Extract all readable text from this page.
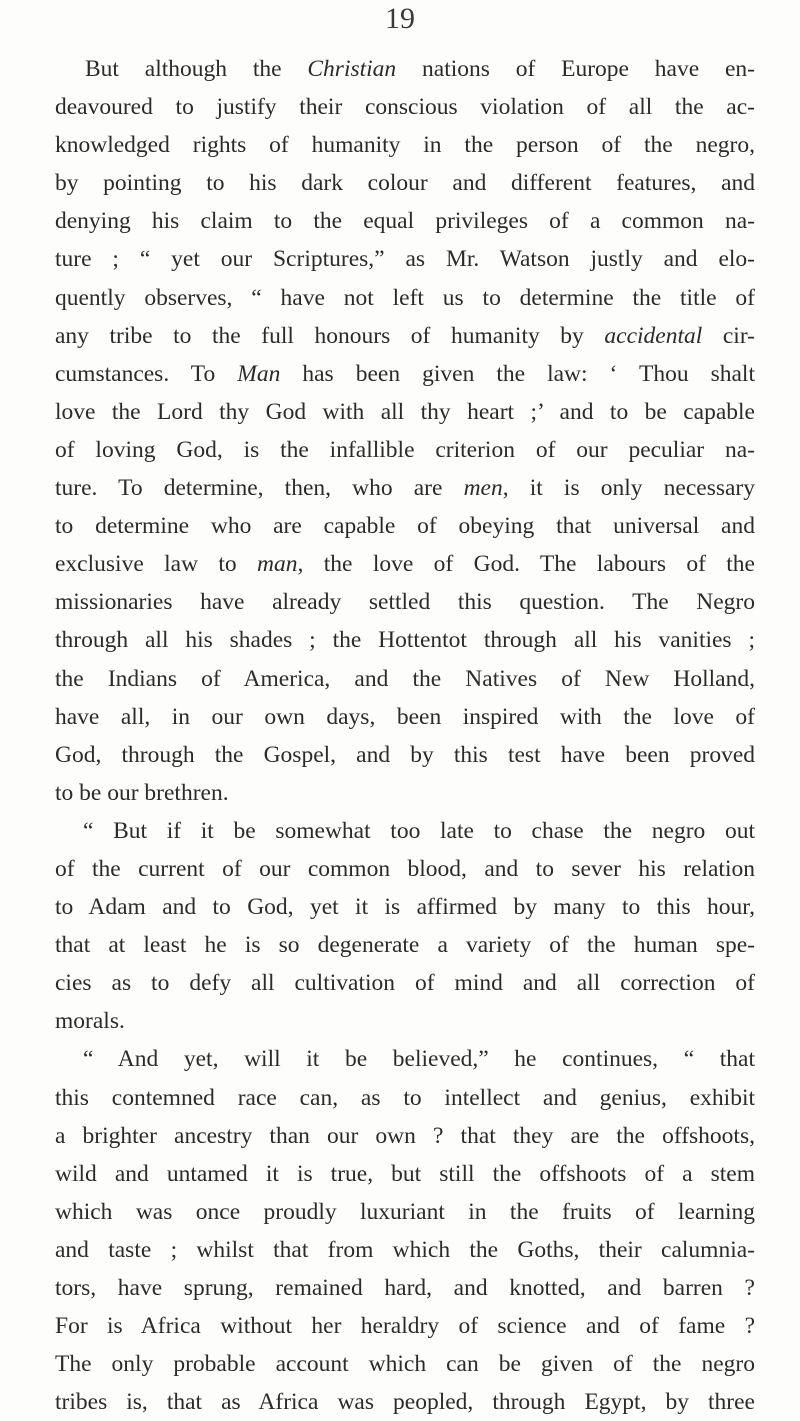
19
But although the Christian nations of Europe have en-
deavoured to justify their conscious violation of all the ac-
knowledged rights of humanity in the person of the negro,
by pointing to his dark colour and different features, and
denying his claim to the equal privileges of a common na-
ture ; “ yet our Scriptures,” as Mr. Watson justly and elo-
quently observes, “ have not left us to determine the title of
any tribe to the full honours of humanity by accidental cir-
cumstances. To Man has been given the law: ‘ Thou shalt
love the Lord thy God with all thy heart ;’ and to be capable
of loving God, is the infallible criterion of our peculiar na-
ture. To determine, then, who are men, it is only necessary
to determine who are capable of obeying that universal and
exclusive law to man, the love of God. The labours of the
missionaries have already settled this question. The Negro
through all his shades ; the Hottentot through all his vanities ;
the Indians of America, and the Natives of New Holland,
have all, in our own days, been inspired with the love of
God, through the Gospel, and by this test have been proved
to be our brethren.
“ But if it be somewhat too late to chase the negro out
of the current of our common blood, and to sever his relation
to Adam and to God, yet it is affirmed by many to this hour,
that at least he is so degenerate a variety of the human spe-
cies as to defy all cultivation of mind and all correction of
morals.
“ And yet, will it be believed,” he continues, “ that
this contemned race can, as to intellect and genius, exhibit
a brighter ancestry than our own ? that they are the offshoots,
wild and untamed it is true, but still the offshoots of a stem
which was once proudly luxuriant in the fruits of learning
and taste ; whilst that from which the Goths, their calumnia-
tors, have sprung, remained hard, and knotted, and barren ?
For is Africa without her heraldry of science and of fame ?
The only probable account which can be given of the negro
tribes is, that as Africa was peopled, through Egypt, by three
